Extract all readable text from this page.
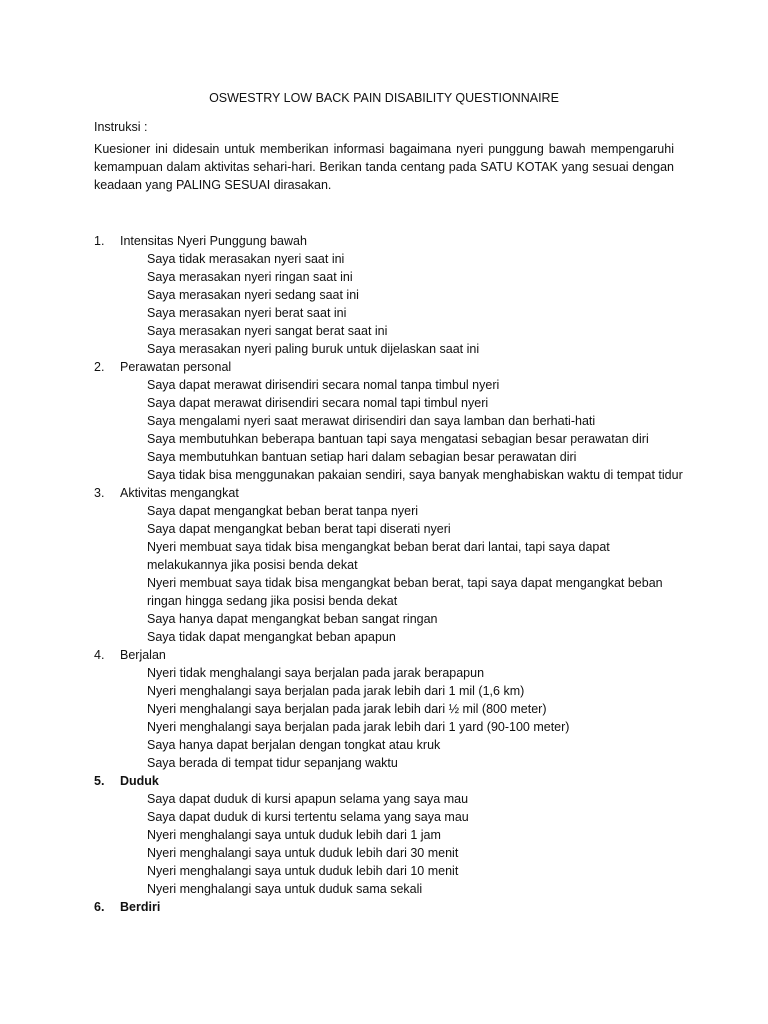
OSWESTRY LOW BACK PAIN DISABILITY QUESTIONNAIRE
Instruksi :
Kuesioner ini didesain untuk memberikan informasi bagaimana nyeri punggung bawah mempengaruhi kemampuan dalam aktivitas sehari-hari. Berikan tanda centang pada SATU KOTAK yang sesuai dengan keadaan yang PALING SESUAI dirasakan.
1.	Intensitas Nyeri Punggung bawah
Saya tidak merasakan nyeri saat ini
Saya merasakan nyeri ringan saat ini
Saya merasakan nyeri sedang saat ini
Saya merasakan nyeri berat saat ini
Saya merasakan nyeri sangat berat saat ini
Saya merasakan nyeri paling buruk untuk dijelaskan saat ini
2.	Perawatan personal
Saya dapat merawat dirisendiri secara nomal tanpa timbul nyeri
Saya dapat merawat dirisendiri secara nomal tapi timbul nyeri
Saya mengalami nyeri saat merawat dirisendiri dan saya lamban dan berhati-hati
Saya membutuhkan beberapa bantuan tapi saya mengatasi sebagian besar perawatan diri
Saya membutuhkan bantuan setiap hari dalam sebagian besar perawatan diri
Saya tidak bisa menggunakan pakaian sendiri, saya banyak menghabiskan waktu di tempat tidur
3.	Aktivitas mengangkat
Saya dapat mengangkat beban berat tanpa nyeri
Saya dapat mengangkat beban berat tapi diserati nyeri
Nyeri membuat saya tidak bisa mengangkat beban berat dari lantai, tapi saya dapat melakukannya jika posisi benda dekat
Nyeri membuat saya tidak bisa mengangkat beban berat, tapi saya dapat mengangkat beban ringan hingga sedang jika posisi benda dekat
Saya hanya dapat mengangkat beban sangat ringan
Saya tidak dapat mengangkat beban apapun
4.	Berjalan
Nyeri tidak menghalangi saya berjalan pada jarak berapapun
Nyeri menghalangi saya berjalan pada jarak lebih dari 1 mil (1,6 km)
Nyeri menghalangi saya berjalan pada jarak lebih dari ½ mil (800 meter)
Nyeri menghalangi saya berjalan pada jarak lebih dari 1 yard (90-100 meter)
Saya hanya dapat berjalan dengan tongkat atau kruk
Saya berada di tempat tidur sepanjang waktu
5.	Duduk
Saya dapat duduk di kursi apapun selama yang saya mau
Saya dapat duduk di kursi tertentu selama yang saya mau
Nyeri menghalangi saya untuk duduk lebih dari 1 jam
Nyeri menghalangi saya untuk duduk lebih dari 30 menit
Nyeri menghalangi saya untuk duduk lebih dari 10 menit
Nyeri menghalangi saya untuk duduk sama sekali
6.	Berdiri
